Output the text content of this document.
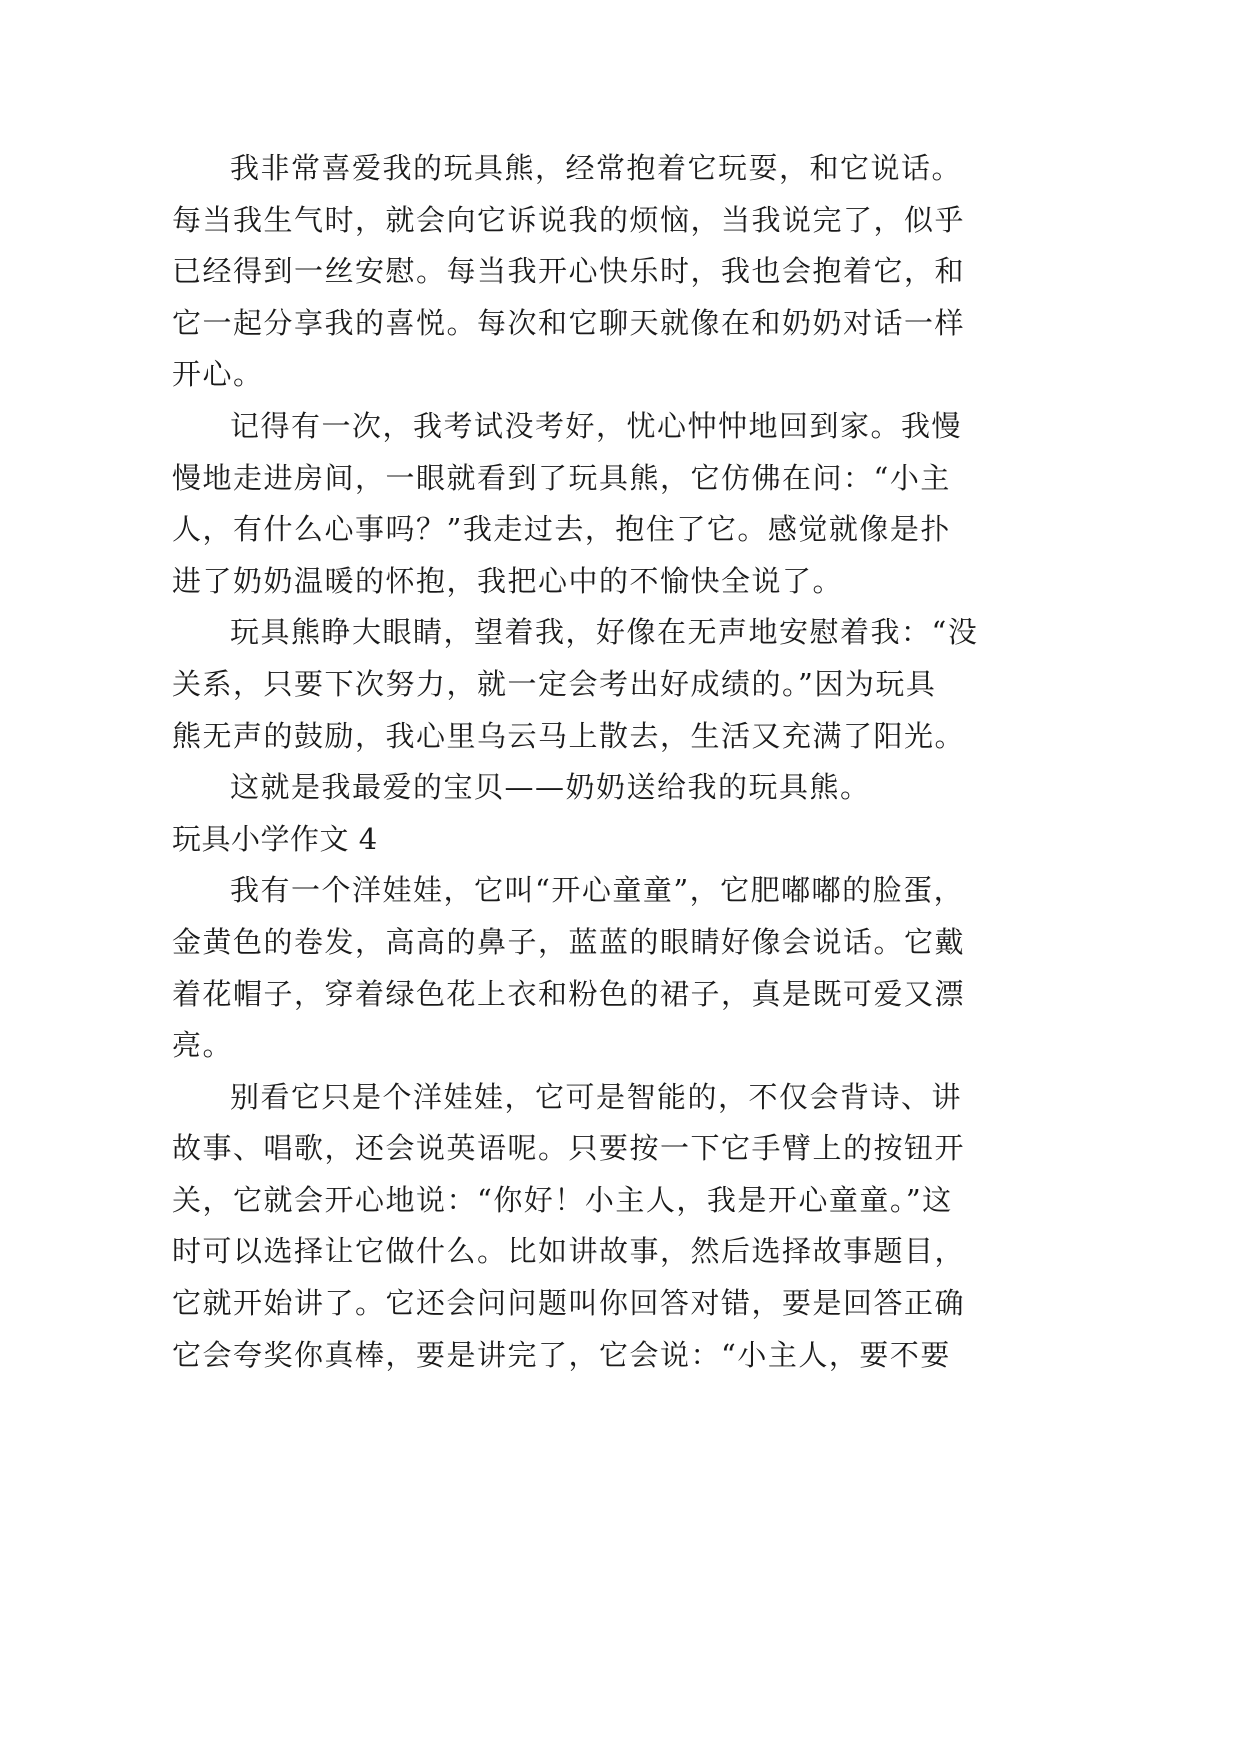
我非常喜爱我的玩具熊，经常抱着它玩耍，和它说话。
每当我生气时，就会向它诉说我的烦恼，当我说完了，似乎
已经得到一丝安慰。每当我开心快乐时，我也会抱着它，和
它一起分享我的喜悦。每次和它聊天就像在和奶奶对话一样
开心。
记得有一次，我考试没考好，忧心忡忡地回到家。我慢
慢地走进房间，一眼就看到了玩具熊，它仿佛在问：“小主
人，有什么心事吗？”我走过去，抱住了它。感觉就像是扑
进了奶奶温暖的怀抱，我把心中的不愉快全说了。
玩具熊睁大眼睛，望着我，好像在无声地安慰着我：“没
关系，只要下次努力，就一定会考出好成绩的。”因为玩具
熊无声的鼓励，我心里乌云马上散去，生活又充满了阳光。
这就是我最爱的宝贝——奶奶送给我的玩具熊。
玩具小学作文 4
我有一个洋娃娃，它叫“开心童童”，它肥嘟嘟的脸蛋，
金黄色的卷发，高高的鼻子，蓝蓝的眼睛好像会说话。它戴
着花帽子，穿着绿色花上衣和粉色的裙子，真是既可爱又漂
亮。
别看它只是个洋娃娃，它可是智能的，不仅会背诗、讲
故事、唱歌，还会说英语呢。只要按一下它手臂上的按钮开
关，它就会开心地说：“你好！小主人，我是开心童童。”这
时可以选择让它做什么。比如讲故事，然后选择故事题目，
它就开始讲了。它还会问问题叫你回答对错，要是回答正确
它会夸奖你真棒，要是讲完了，它会说：“小主人，要不要
